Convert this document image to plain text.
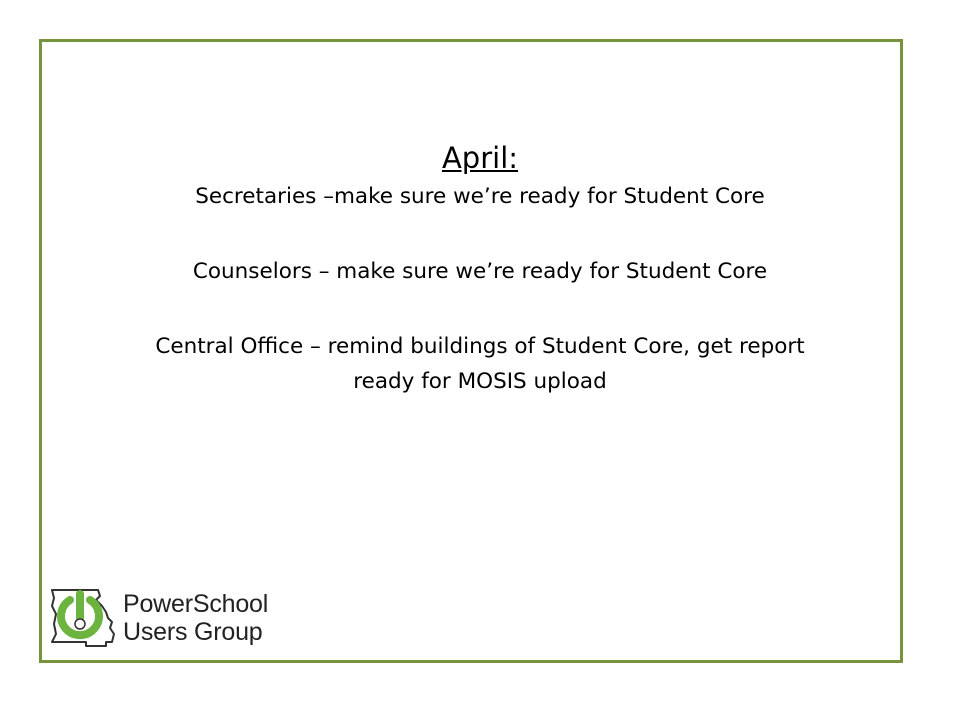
April:

Secretaries –make sure we’re ready for Student Core

Counselors – make sure we’re ready for Student Core

Central Office – remind buildings of Student Core, get report

ready for MOSIS upload

PowerSchool
Users Group
